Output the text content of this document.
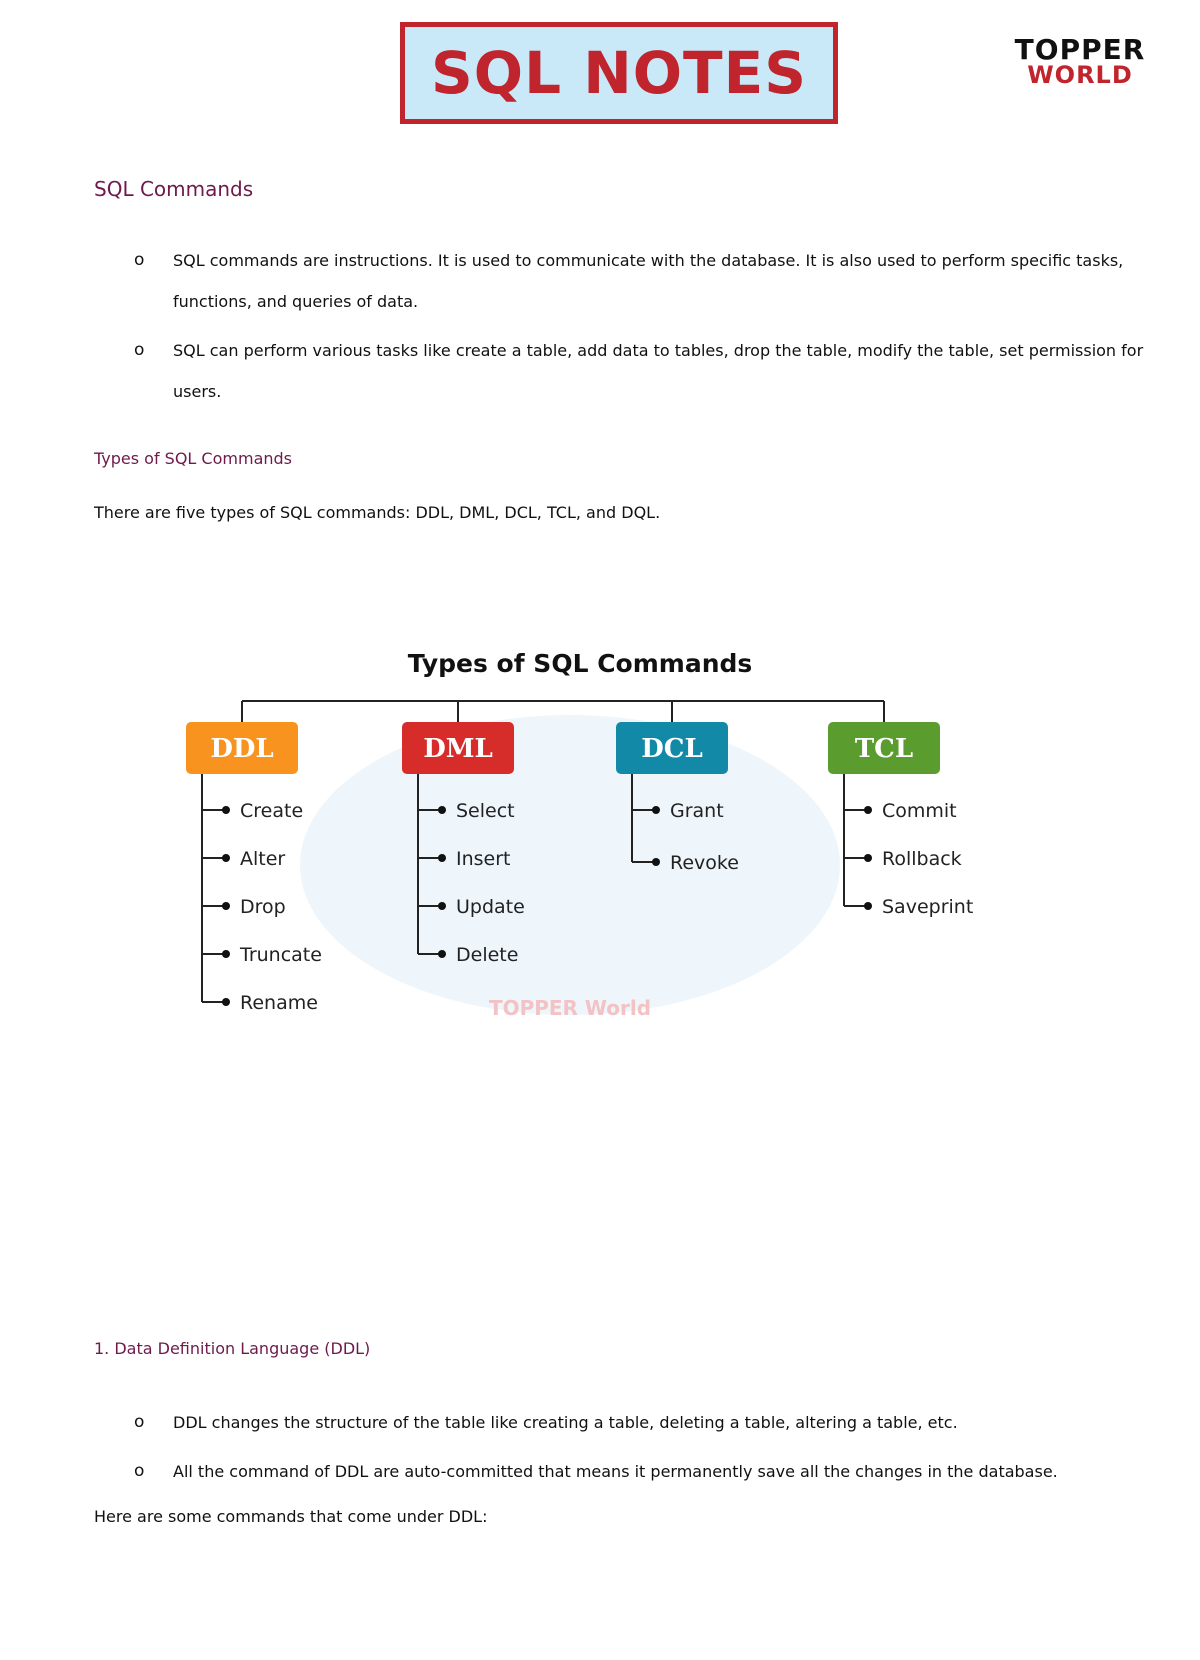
SQL NOTES	TOPPER
WORLD
SQL Commands
o SQL commands are instructions. It is used to communicate with the database. It is also used to perform specific tasks, functions, and queries of data.
o SQL can perform various tasks like create a table, add data to tables, drop the table, modify the table, set permission for users.
Types of SQL Commands
There are five types of SQL commands: DDL, DML, DCL, TCL, and DQL.
TOPPER World
Types of SQL Commands
DDL
Create
Alter
Drop
Truncate
Rename
DML
Select
Insert
Update
Delete
DCL
Grant
Revoke
TCL
Commit
Rollback
Saveprint
1. Data Definition Language (DDL)
o DDL changes the structure of the table like creating a table, deleting a table, altering a table, etc.
o All the command of DDL are auto-committed that means it permanently save all the changes in the database.
Here are some commands that come under DDL:
